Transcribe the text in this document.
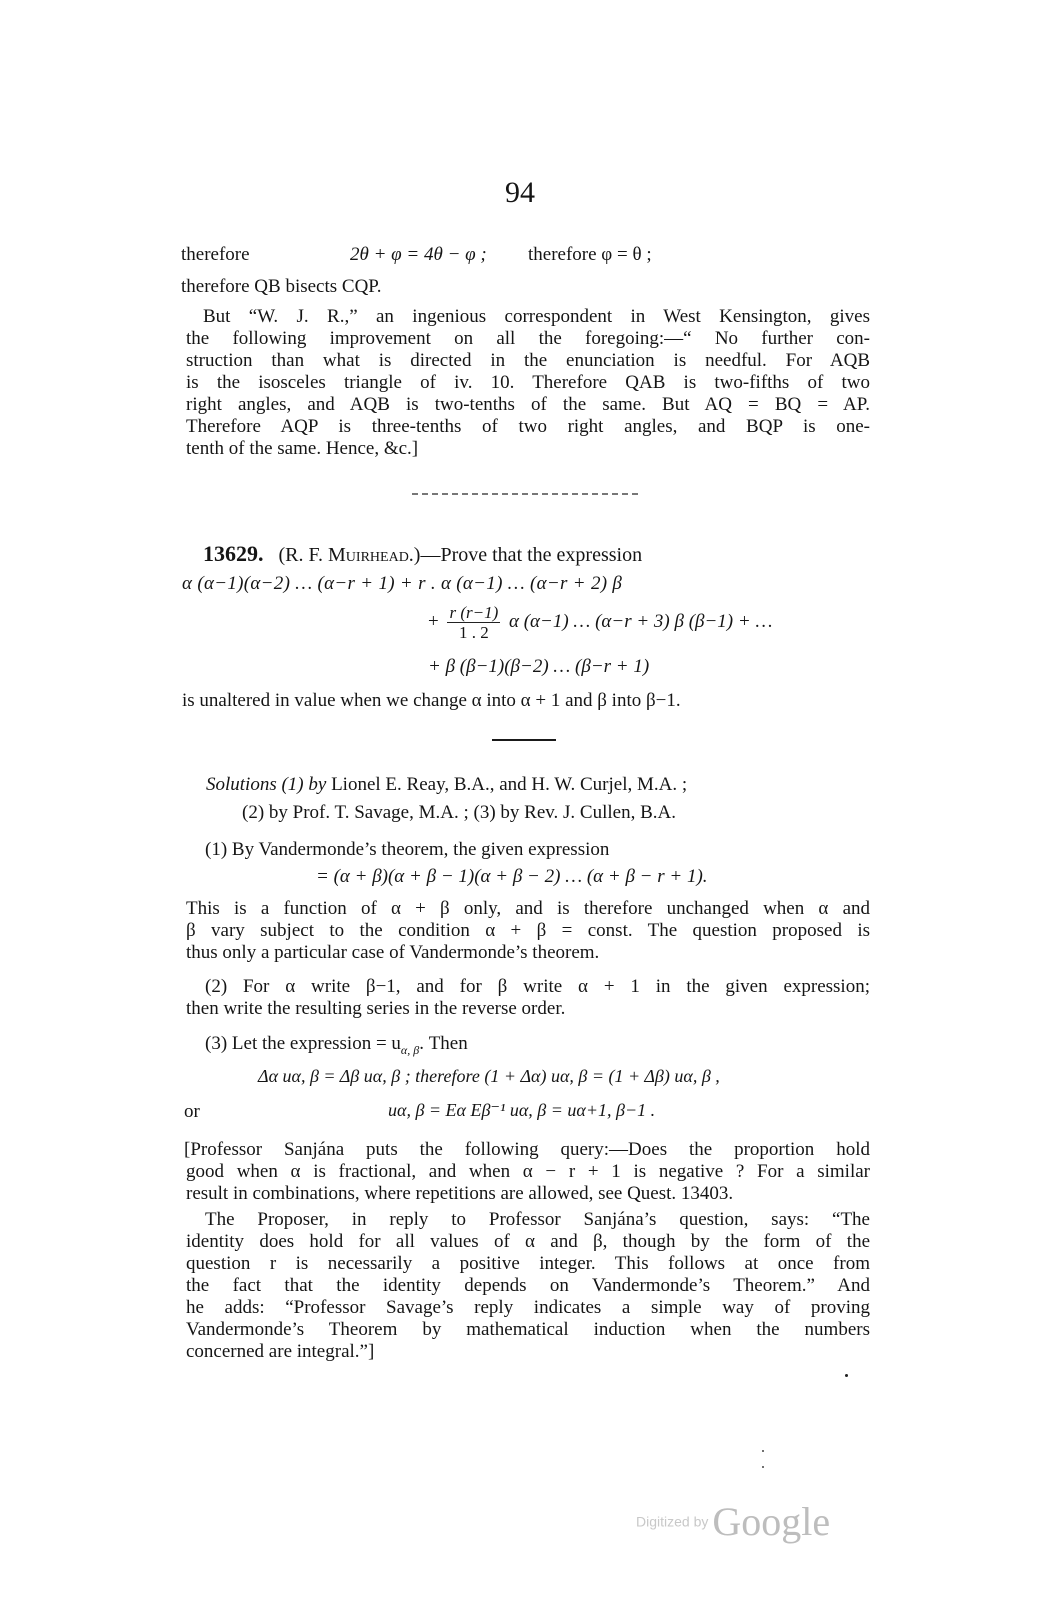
94
therefore	2θ + φ = 4θ − φ ; therefore φ = θ ;
therefore QB bisects CQP.
But “W. J. R.,” an ingenious correspondent in West Kensington, gives
the following improvement on all the foregoing:—“ No further con-
struction than what is directed in the enunciation is needful. For AQB
is the isosceles triangle of iv. 10. Therefore QAB is two-fifths of two
right angles, and AQB is two-tenths of the same. But AQ = BQ = AP.
Therefore AQP is three-tenths of two right angles, and BQP is one-
tenth of the same. Hence, &c.]
13629. (R. F. Muirhead.)—Prove that the expression
α (α−1)(α−2) … (α−r + 1) + r . α (α−1) … (α−r + 2) β
+ $\frac{r (r-1)}{1 . 2}$ α (α−1) … (α−r + 3) β (β−1) + …
+ β (β−1)(β−2) … (β−r + 1)
is unaltered in value when we change α into α + 1 and β into β−1.
Solutions (1) by Lionel E. Reay, B.A., and H. W. Curjel, M.A. ;
(2) by Prof. T. Savage, M.A. ; (3) by Rev. J. Cullen, B.A.
(1) By Vandermonde’s theorem, the given expression
= (α + β)(α + β − 1)(α + β − 2) … (α + β − r + 1).
This is a function of α + β only, and is therefore unchanged when α and
β vary subject to the condition α + β = const. The question proposed is
thus only a particular case of Vandermonde’s theorem.
(2) For α write β−1, and for β write α + 1 in the given expression;
then write the resulting series in the reverse order.
(3) Let the expression = $u_{\alpha, \beta}$. Then
Δα uα, β = Δβ uα, β ; therefore (1 + Δα) uα, β = (1 + Δβ) uα, β ,
or	uα, β = Eα Eβ⁻¹ uα, β = uα+1, β−1 .
[Professor Sanjána puts the following query:—Does the proportion hold
good when α is fractional, and when α − r + 1 is negative ? For a similar
result in combinations, where repetitions are allowed, see Quest. 13403.
The Proposer, in reply to Professor Sanjána’s question, says: “The
identity does hold for all values of α and β, though by the form of the
question r is necessarily a positive integer. This follows at once from
the fact that the identity depends on Vandermonde’s Theorem.” And
he adds: “Professor Savage’s reply indicates a simple way of proving
Vandermonde’s Theorem by mathematical induction when the numbers
concerned are integral.”]
Digitized by Google
